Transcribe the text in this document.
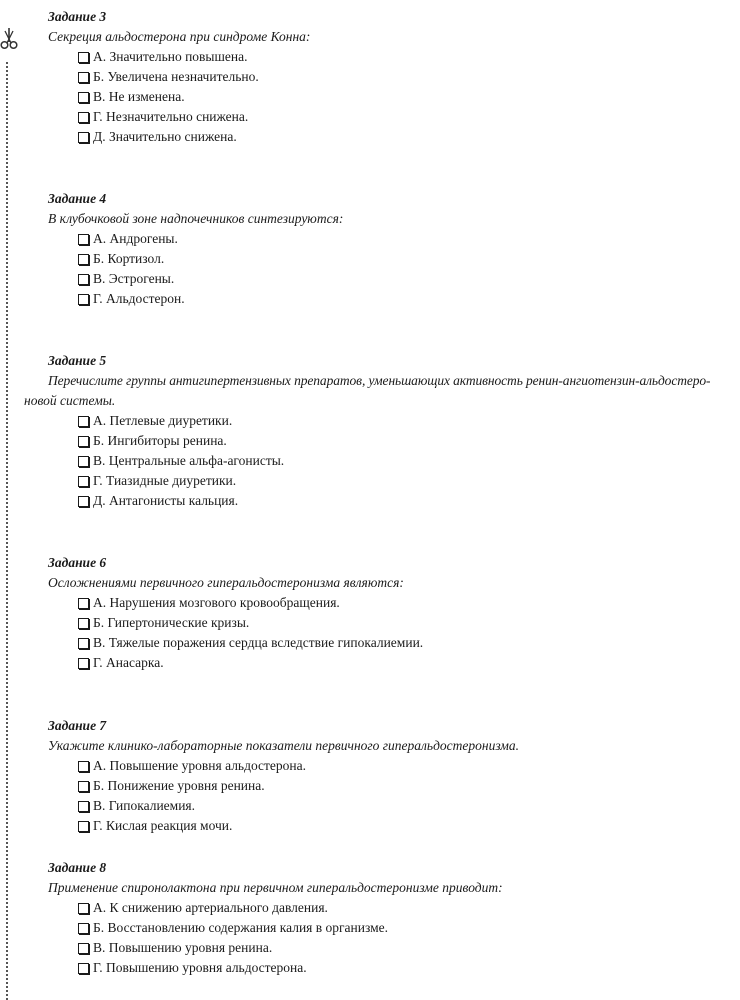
Задание 3
Секреция альдостерона при синдроме Конна:
А. Значительно повышена.
Б. Увеличена незначительно.
В. Не изменена.
Г. Незначительно снижена.
Д. Значительно снижена.
Задание 4
В клубочковой зоне надпочечников синтезируются:
А. Андрогены.
Б. Кортизол.
В. Эстрогены.
Г. Альдостерон.
Задание 5
Перечислите группы антигипертензивных препаратов, уменьшающих активность ренин-ангиотензин-альдостеро-
новой системы.
А. Петлевые диуретики.
Б. Ингибиторы ренина.
В. Центральные альфа-агонисты.
Г. Тиазидные диуретики.
Д. Антагонисты кальция.
Задание 6
Осложнениями первичного гиперальдостеронизма являются:
А. Нарушения мозгового кровообращения.
Б. Гипертонические кризы.
В. Тяжелые поражения сердца вследствие гипокалиемии.
Г. Анасарка.
Задание 7
Укажите клинико-лабораторные показатели первичного гиперальдостеронизма.
А. Повышение уровня альдостерона.
Б. Понижение уровня ренина.
В. Гипокалиемия.
Г. Кислая реакция мочи.
Задание 8
Применение спиронолактона при первичном гиперальдостеронизме приводит:
А. К снижению артериального давления.
Б. Восстановлению содержания калия в организме.
В. Повышению уровня ренина.
Г. Повышению уровня альдостерона.
